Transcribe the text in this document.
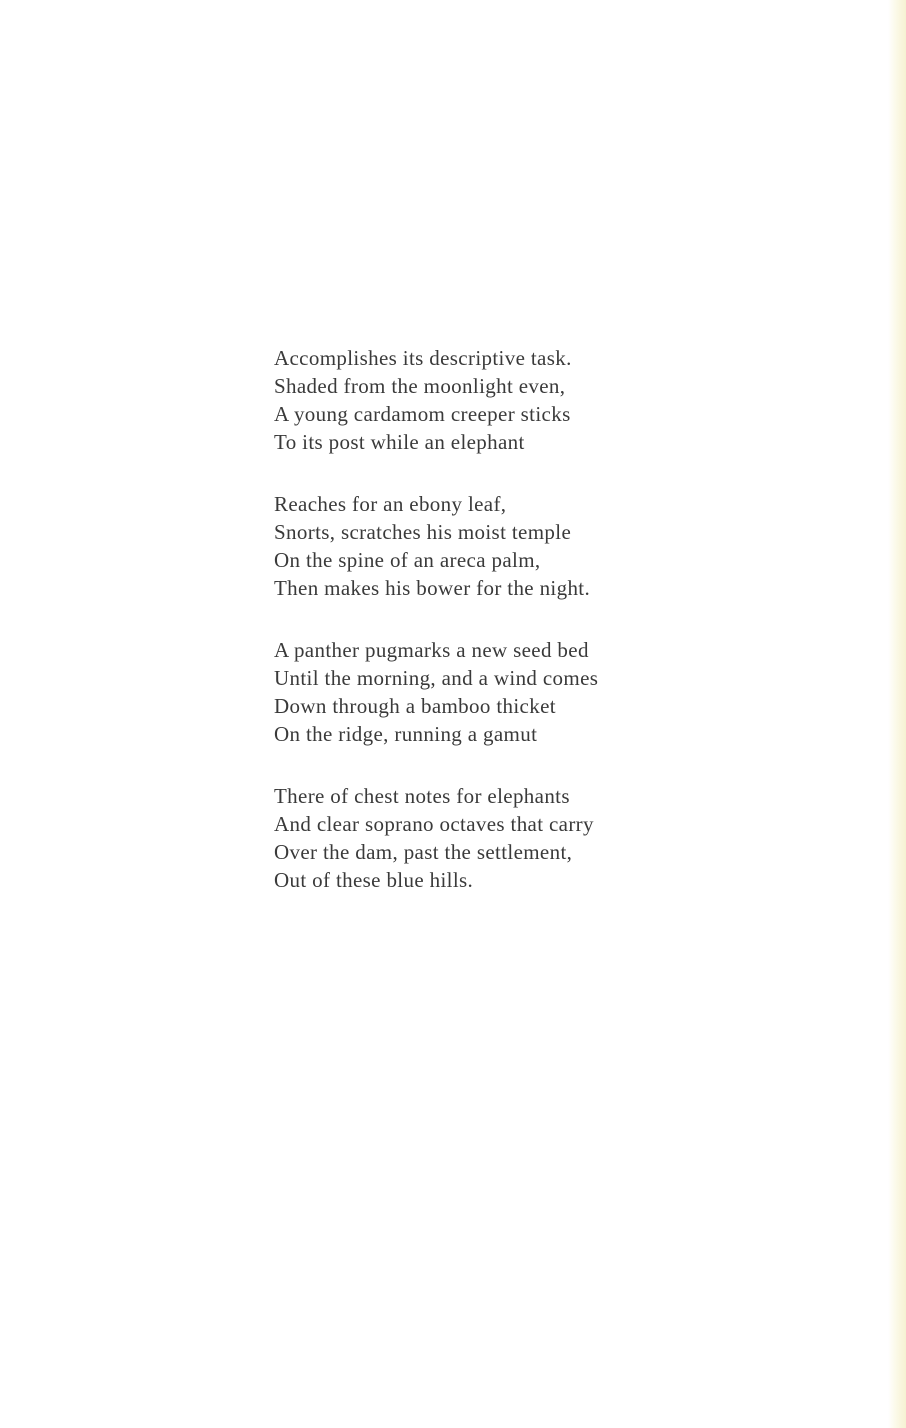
Accomplishes its descriptive task.
Shaded from the moonlight even,
A young cardamom creeper sticks
To its post while an elephant
Reaches for an ebony leaf,
Snorts, scratches his moist temple
On the spine of an areca palm,
Then makes his bower for the night.
A panther pugmarks a new seed bed
Until the morning, and a wind comes
Down through a bamboo thicket
On the ridge, running a gamut
There of chest notes for elephants
And clear soprano octaves that carry
Over the dam, past the settlement,
Out of these blue hills.
